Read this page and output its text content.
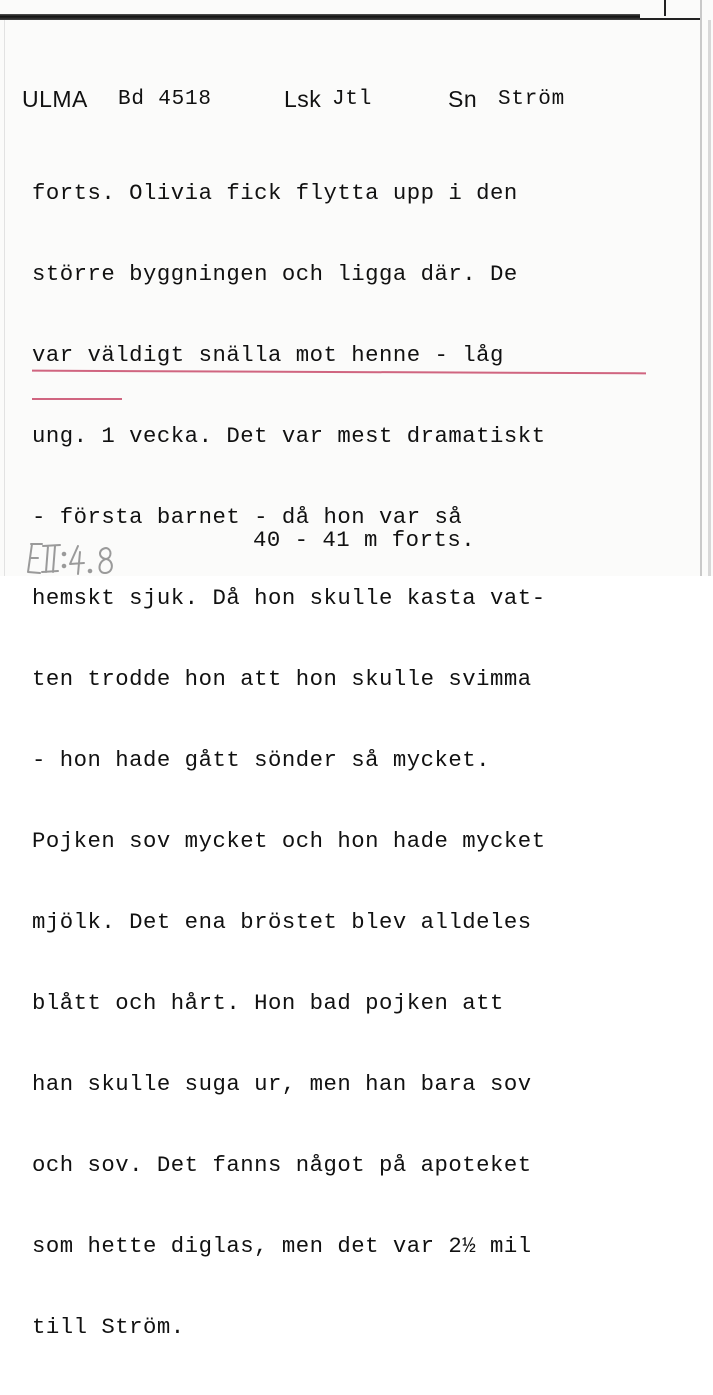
ULMA Bd 4518	Lsk Jtl	Sn Ström

forts. Olivia fick flytta upp i den

större byggningen och ligga där. De

var väldigt snälla mot henne - låg

ung. 1 vecka. Det var mest dramatiskt

- första barnet - då hon var så

hemskt sjuk. Då hon skulle kasta vat-

ten trodde hon att hon skulle svimma

- hon hade gått sönder så mycket.

Pojken sov mycket och hon hade mycket

mjölk. Det ena bröstet blev alldeles

blått och hårt. Hon bad pojken att

han skulle suga ur, men han bara sov

och sov. Det fanns något på apoteket

som hette diglas, men det var 2½ mil

till Ström.

40 - 41 m forts.
